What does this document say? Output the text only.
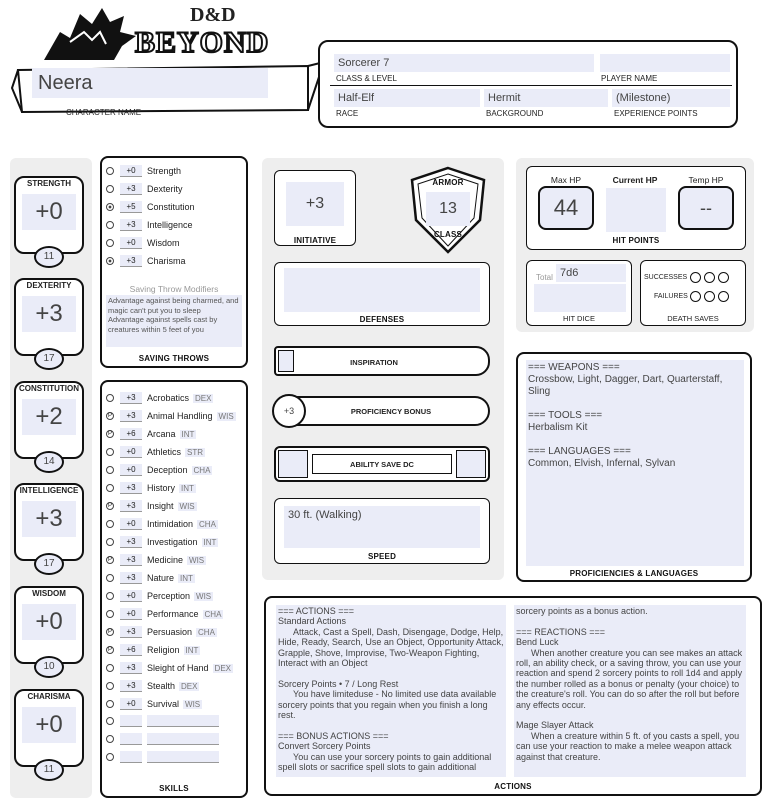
D&D
BEYOND
Neera
CHARACTER NAME
Sorcerer 7
CLASS & LEVEL	PLAYER NAME
Half-Elf
RACE
Hermit
BACKGROUND
(Milestone)
EXPERIENCE POINTS
STRENGTH
+0
11
DEXTERITY
+3
17
CONSTITUTION
+2
14
INTELLIGENCE
+3
17
WISDOM
+0
10
CHARISMA
+0
11
+0	Strength
+3	Dexterity
+5	Constitution
+3	Intelligence
+0	Wisdom
+3	Charisma
Saving Throw Modifiers
Advantage against being charmed, and magic can't put you to sleep
Advantage against spells cast by creatures within 5 feet of you
SAVING THROWS
+3	Acrobatics DEX
P	+3	Animal Handling WIS
P	+6	Arcana INT
+0	Athletics STR
+0	Deception CHA
+3	History INT
P	+3	Insight WIS
+0	Intimidation CHA
+3	Investigation INT
P	+3	Medicine WIS
+3	Nature INT
+0	Perception WIS
+0	Performance CHA
P	+3	Persuasion CHA
P	+6	Religion INT
+3	Sleight of Hand DEX
+3	Stealth DEX
+0	Survival WIS
SKILLS
+3
INITIATIVE
ARMOR
13
CLASS
DEFENSES
INSPIRATION
+3	PROFICIENCY BONUS
ABILITY SAVE DC
30 ft. (Walking)
SPEED
Max HP
44
Current HP	Temp HP
--
HIT POINTS
Total 7d6
HIT DICE
SUCCESSES
FAILURES
DEATH SAVES
=== WEAPONS ===
Crossbow, Light, Dagger, Dart, Quarterstaff, Sling

=== TOOLS ===
Herbalism Kit

=== LANGUAGES ===
Common, Elvish, Infernal, Sylvan
PROFICIENCIES & LANGUAGES
=== ACTIONS ===
Standard Actions
Attack, Cast a Spell, Dash, Disengage, Dodge, Help, Hide, Ready, Search, Use an Object, Opportunity Attack, Grapple, Shove, Improvise, Two-Weapon Fighting, Interact with an Object

Sorcery Points • 7 / Long Rest
You have limiteduse - No limited use data available sorcery points that you regain when you finish a long rest.

=== BONUS ACTIONS ===
Convert Sorcery Points
You can use your sorcery points to gain additional spell slots or sacrifice spell slots to gain additional
sorcery points as a bonus action.

=== REACTIONS ===
Bend Luck
When another creature you can see makes an attack roll, an ability check, or a saving throw, you can use your reaction and spend 2 sorcery points to roll 1d4 and apply the number rolled as a bonus or penalty (your choice) to the creature's roll. You can do so after the roll but before any effects occur.

Mage Slayer Attack
When a creature within 5 ft. of you casts a spell, you can use your reaction to make a melee weapon attack against that creature.
ACTIONS
